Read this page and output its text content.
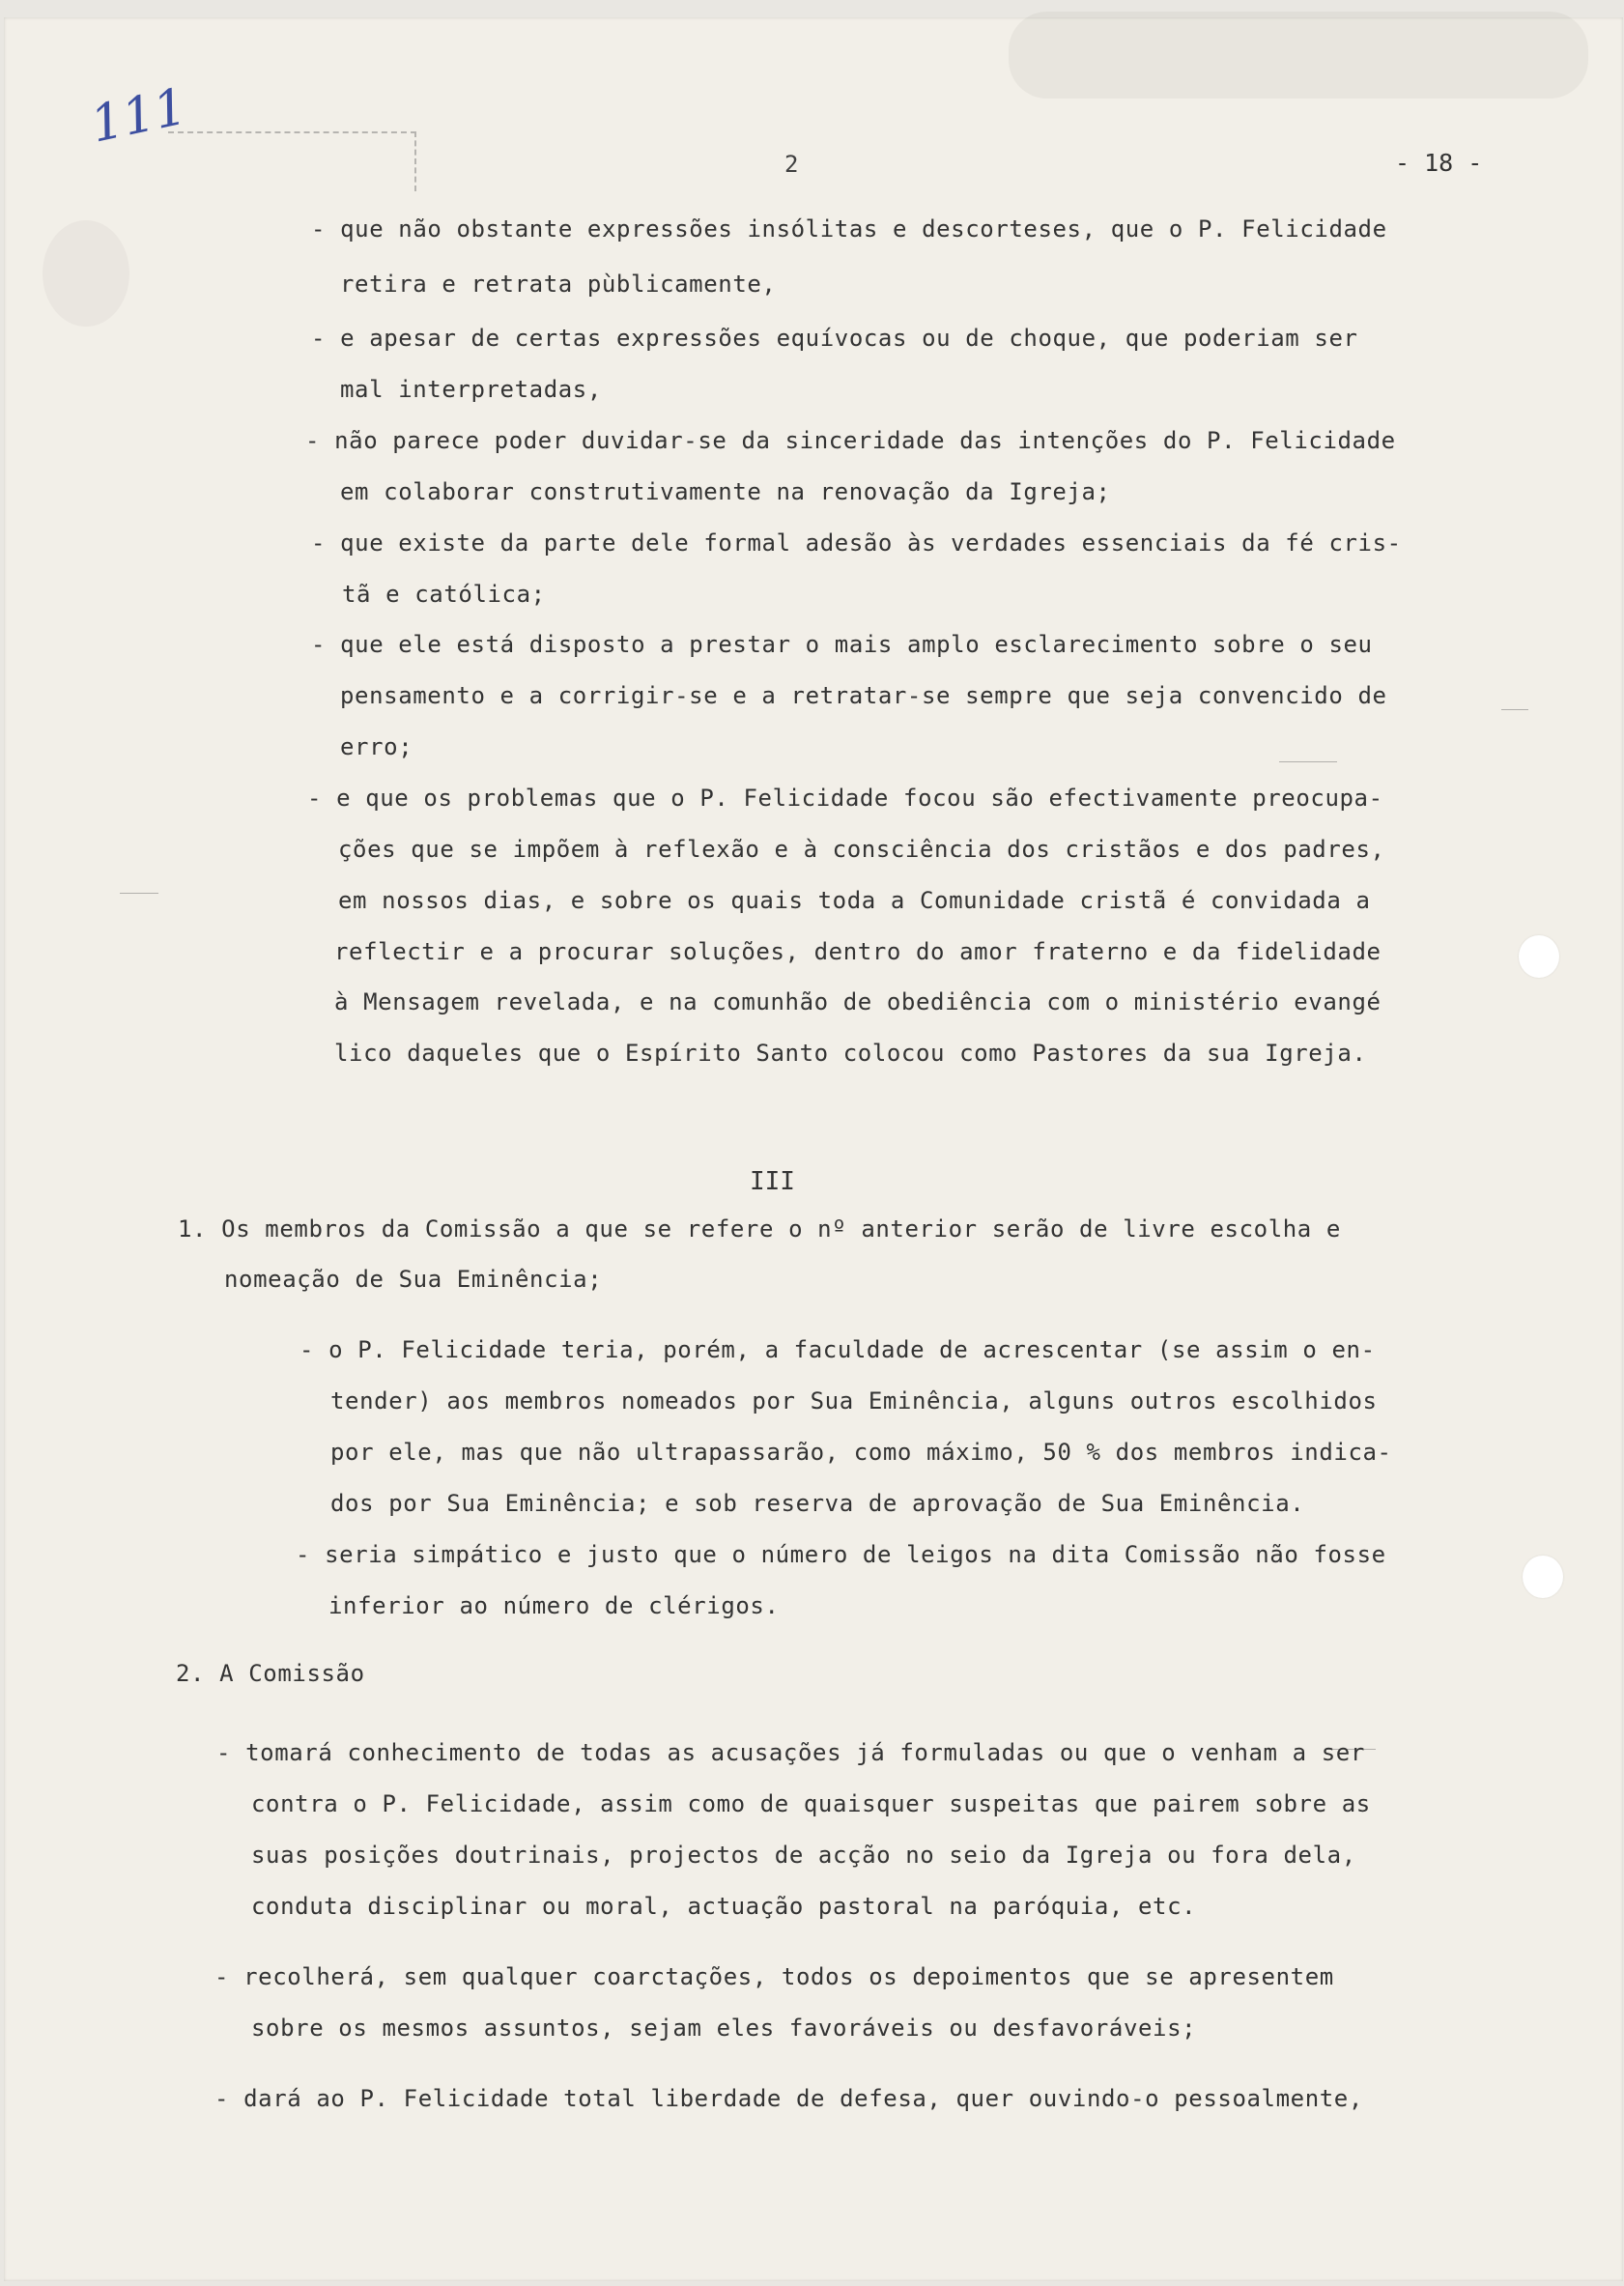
111
2	- 18 -
- que não obstante expressões insólitas e descorteses, que o P. Felicidade
retira e retrata pùblicamente,
- e apesar de certas expressões equívocas ou de choque, que poderiam ser
mal interpretadas,
- não parece poder duvidar-se da sinceridade das intenções do P. Felicidade
em colaborar construtivamente na renovação da Igreja;
- que existe da parte dele formal adesão às verdades essenciais da fé cris-
tã e católica;
- que ele está disposto a prestar o mais amplo esclarecimento sobre o seu
pensamento e a corrigir-se e a retratar-se sempre que seja convencido de
erro;
- e que os problemas que o P. Felicidade focou são efectivamente preocupa-
ções que se impõem à reflexão e à consciência dos cristãos e dos padres,
em nossos dias, e sobre os quais toda a Comunidade cristã é convidada a
reflectir e a procurar soluções, dentro do amor fraterno e da fidelidade
à Mensagem revelada, e na comunhão de obediência com o ministério evangé
lico daqueles que o Espírito Santo colocou como Pastores da sua Igreja.
III
1. Os membros da Comissão a que se refere o nº anterior serão de livre escolha e
nomeação de Sua Eminência;
- o P. Felicidade teria, porém, a faculdade de acrescentar (se assim o en-
tender) aos membros nomeados por Sua Eminência, alguns outros escolhidos
por ele, mas que não ultrapassarão, como máximo, 50 % dos membros indica-
dos por Sua Eminência; e sob reserva de aprovação de Sua Eminência.
- seria simpático e justo que o número de leigos na dita Comissão não fosse
inferior ao número de clérigos.
2. A Comissão
- tomará conhecimento de todas as acusações já formuladas ou que o venham a ser
contra o P. Felicidade, assim como de quaisquer suspeitas que pairem sobre as
suas posições doutrinais, projectos de acção no seio da Igreja ou fora dela,
conduta disciplinar ou moral, actuação pastoral na paróquia, etc.
- recolherá, sem qualquer coarctações, todos os depoimentos que se apresentem
sobre os mesmos assuntos, sejam eles favoráveis ou desfavoráveis;
- dará ao P. Felicidade total liberdade de defesa, quer ouvindo-o pessoalmente,
